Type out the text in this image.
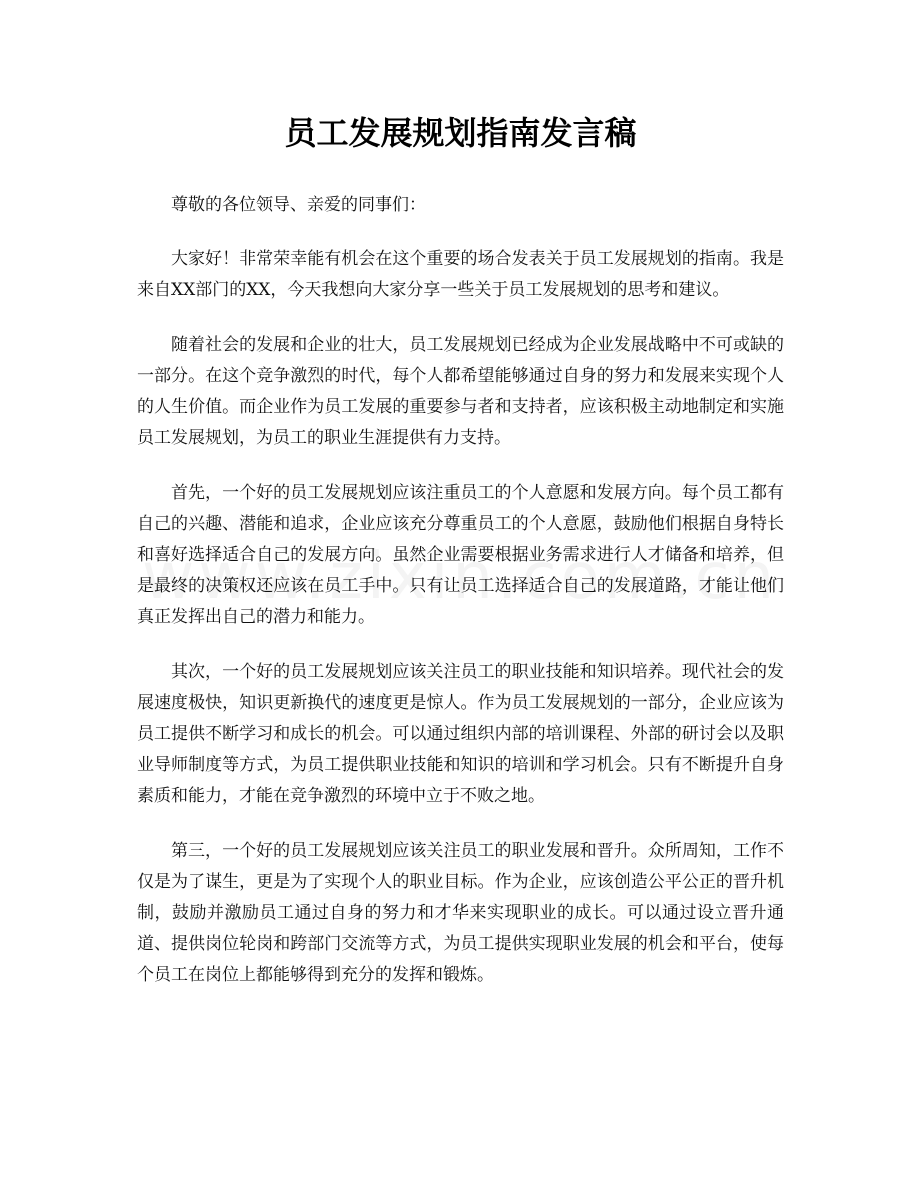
员工发展规划指南发言稿

尊敬的各位领导、亲爱的同事们：

大家好！非常荣幸能有机会在这个重要的场合发表关于员工发展规划的指南。我是来自XX部门的XX，今天我想向大家分享一些关于员工发展规划的思考和建议。

随着社会的发展和企业的壮大，员工发展规划已经成为企业发展战略中不可或缺的一部分。在这个竞争激烈的时代，每个人都希望能够通过自身的努力和发展来实现个人的人生价值。而企业作为员工发展的重要参与者和支持者，应该积极主动地制定和实施员工发展规划，为员工的职业生涯提供有力支持。

首先，一个好的员工发展规划应该注重员工的个人意愿和发展方向。每个员工都有自己的兴趣、潜能和追求，企业应该充分尊重员工的个人意愿，鼓励他们根据自身特长和喜好选择适合自己的发展方向。虽然企业需要根据业务需求进行人才储备和培养，但是最终的决策权还应该在员工手中。只有让员工选择适合自己的发展道路，才能让他们真正发挥出自己的潜力和能力。

其次，一个好的员工发展规划应该关注员工的职业技能和知识培养。现代社会的发展速度极快，知识更新换代的速度更是惊人。作为员工发展规划的一部分，企业应该为员工提供不断学习和成长的机会。可以通过组织内部的培训课程、外部的研讨会以及职业导师制度等方式，为员工提供职业技能和知识的培训和学习机会。只有不断提升自身素质和能力，才能在竞争激烈的环境中立于不败之地。

第三，一个好的员工发展规划应该关注员工的职业发展和晋升。众所周知，工作不仅是为了谋生，更是为了实现个人的职业目标。作为企业，应该创造公平公正的晋升机制，鼓励并激励员工通过自身的努力和才华来实现职业的成长。可以通过设立晋升通道、提供岗位轮岗和跨部门交流等方式，为员工提供实现职业发展的机会和平台，使每个员工在岗位上都能够得到充分的发挥和锻炼。
